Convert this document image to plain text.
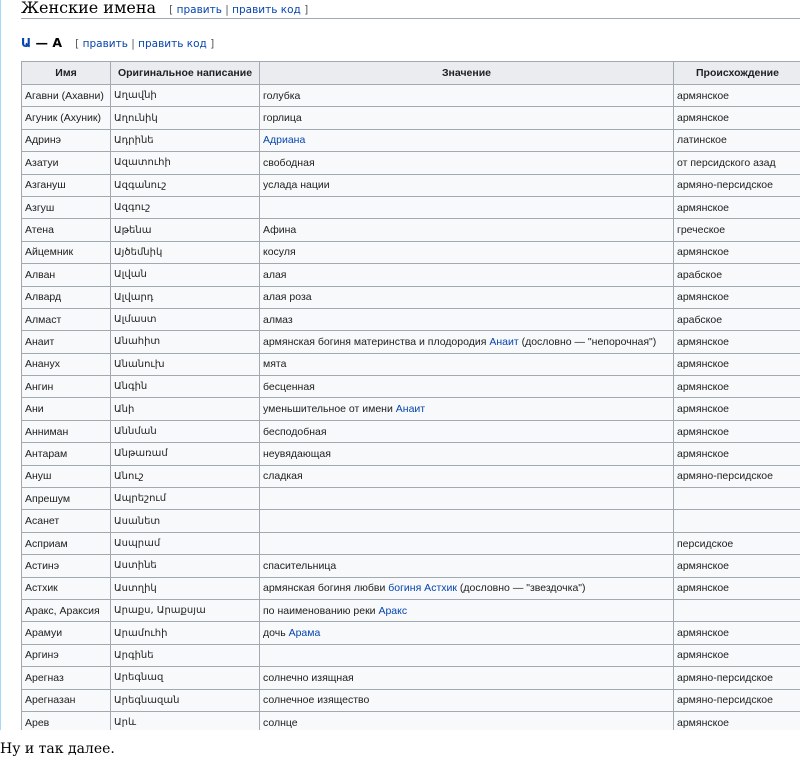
Женские имена [ править | править код ]
Ա — А [ править | править код ]
Имя	Оригинальное написание	Значение	Происхождение
Агавни (Ахавни)	Աղավնի	голубка	армянское
Агуник (Ахуник)	Աղունիկ	горлица	армянское
Адринэ	Ադրինե	Адриана	латинское
Азатуи	Ազատուհի	свободная	от персидского азад
Азгануш	Ազգանուշ	услада нации	армяно-персидское
Азгуш	Ազգուշ		армянское
Атена	Աթենա	Афина	греческое
Айцемник	Այծեմնիկ	косуля	армянское
Алван	Ալվան	алая	арабское
Алвард	Ալվարդ	алая роза	армянское
Алмаст	Ալմաստ	алмаз	арабское
Анаит	Անահիտ	армянская богиня материнства и плодородия Анаит (дословно — "непорочная")	армянское
Ананух	Անանուխ	мята	армянское
Ангин	Անգին	бесценная	армянское
Ани	Անի	уменьшительное от имени Анаит	армянское
Анниман	Աննման	бесподобная	армянское
Антарам	Անթառամ	неувядающая	армянское
Ануш	Անուշ	сладкая	армяно-персидское
Апрешум	Ապրեշում		
Асанет	Ասանետ		
Асприам	Ասպրամ		персидское
Астинэ	Աստինե	спасительница	армянское
Астхик	Աստղիկ	армянская богиня любви богиня Астхик (дословно — "звездочка")	армянское
Аракс, Араксия	Արաքս, Արաքսյա	по наименованию реки Аракс	
Арамуи	Արամուհի	дочь Арама	армянское
Аргинэ	Արգինե		армянское
Арегназ	Արեգնազ	солнечно изящная	армяно-персидское
Арегназан	Արեգնազան	солнечное изящество	армяно-персидское
Арев	Արև	солнце	армянское
Ну и так далее.
